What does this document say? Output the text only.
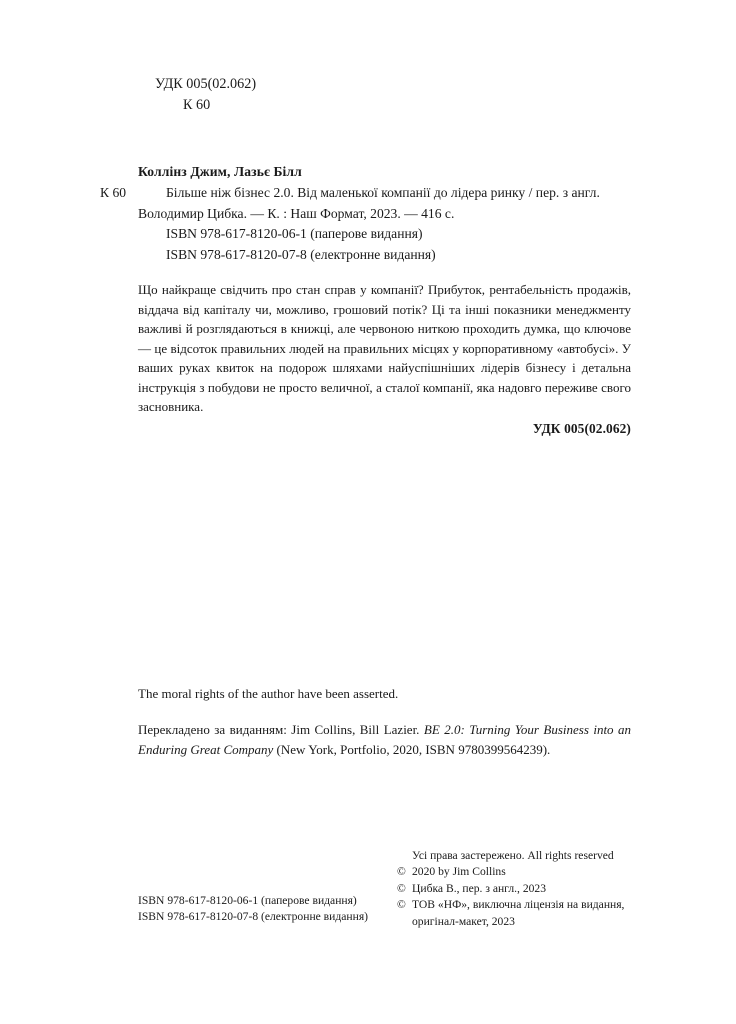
УДК 005(02.062)
К 60
Коллінз Джим, Лазьє Білл
К 60	Більше ніж бізнес 2.0. Від маленької компанії до лідера ринку / пер. з англ. Володимир Цибка. — К. : Наш Формат, 2023. — 416 с.
ISBN 978-617-8120-06-1 (паперове видання)
ISBN 978-617-8120-07-8 (електронне видання)
Що найкраще свідчить про стан справ у компанії? Прибуток, рентабельність продажів, віддача від капіталу чи, можливо, грошовий потік? Ці та інші показники менеджменту важливі й розглядаються в книжці, але червоною ниткою проходить думка, що ключове — це відсоток правильних людей на правильних місцях у корпоративному «автобусі». У ваших руках квиток на подорож шляхами найуспішніших лідерів бізнесу і детальна інструкція з побудови не просто величної, а сталої компанії, яка надовго переживе свого засновника.
УДК 005(02.062)
The moral rights of the author have been asserted.
Перекладено за виданням: Jim Collins, Bill Lazier. BE 2.0: Turning Your Business into an Enduring Great Company (New York, Portfolio, 2020, ISBN 9780399564239).
ISBN 978-617-8120-06-1 (паперове видання)
ISBN 978-617-8120-07-8 (електронне видання)
Усі права застережено. All rights reserved
© 2020 by Jim Collins
© Цибка В., пер. з англ., 2023
© ТОВ «НФ», виключна ліцензія на видання,
оригінал-макет, 2023
